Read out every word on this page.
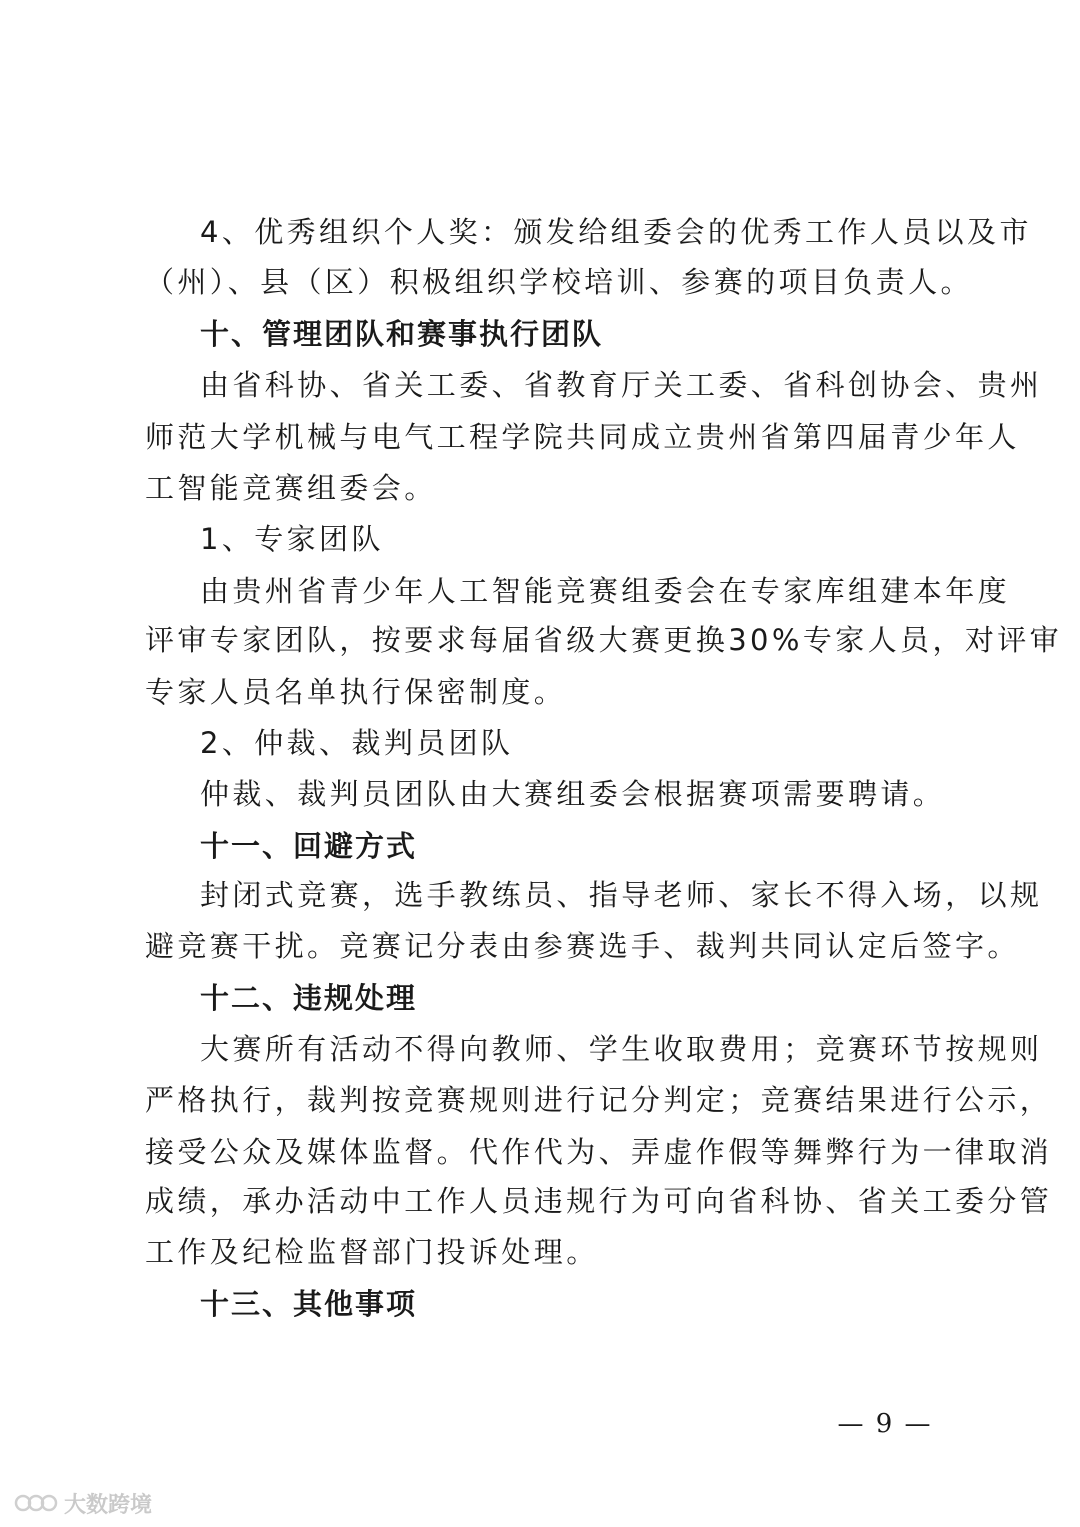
4、优秀组织个人奖：颁发给组委会的优秀工作人员以及市
（州）、县（区）积极组织学校培训、参赛的项目负责人。
十、管理团队和赛事执行团队
由省科协、省关工委、省教育厅关工委、省科创协会、贵州
师范大学机械与电气工程学院共同成立贵州省第四届青少年人
工智能竞赛组委会。
1、专家团队
由贵州省青少年人工智能竞赛组委会在专家库组建本年度
评审专家团队，按要求每届省级大赛更换30%专家人员，对评审
专家人员名单执行保密制度。
2、仲裁、裁判员团队
仲裁、裁判员团队由大赛组委会根据赛项需要聘请。
十一、回避方式
封闭式竞赛，选手教练员、指导老师、家长不得入场，以规
避竞赛干扰。竞赛记分表由参赛选手、裁判共同认定后签字。
十二、违规处理
大赛所有活动不得向教师、学生收取费用；竞赛环节按规则
严格执行，裁判按竞赛规则进行记分判定；竞赛结果进行公示，
接受公众及媒体监督。代作代为、弄虚作假等舞弊行为一律取消
成绩，承办活动中工作人员违规行为可向省科协、省关工委分管
工作及纪检监督部门投诉处理。
十三、其他事项
— 9 —
大数跨境
